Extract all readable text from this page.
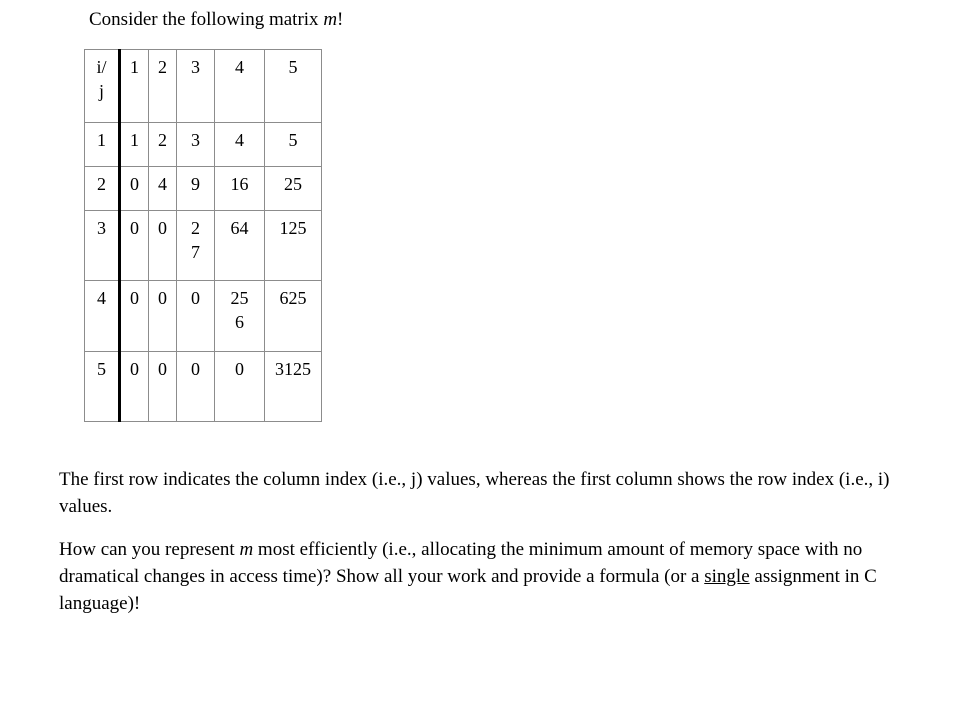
Consider the following matrix m!
i/j	1	2	3	4	5
1	1	2	3	4	5
2	0	4	9	16	25
3	0	0	27	64	125
4	0	0	0	256	625
5	0	0	0	0	3125

The first row indicates the column index (i.e., j) values, whereas the first column shows the row index (i.e., i) values.

How can you represent m most efficiently (i.e., allocating the minimum amount of memory space with no dramatical changes in access time)? Show all your work and provide a formula (or a single assignment in C language)!
